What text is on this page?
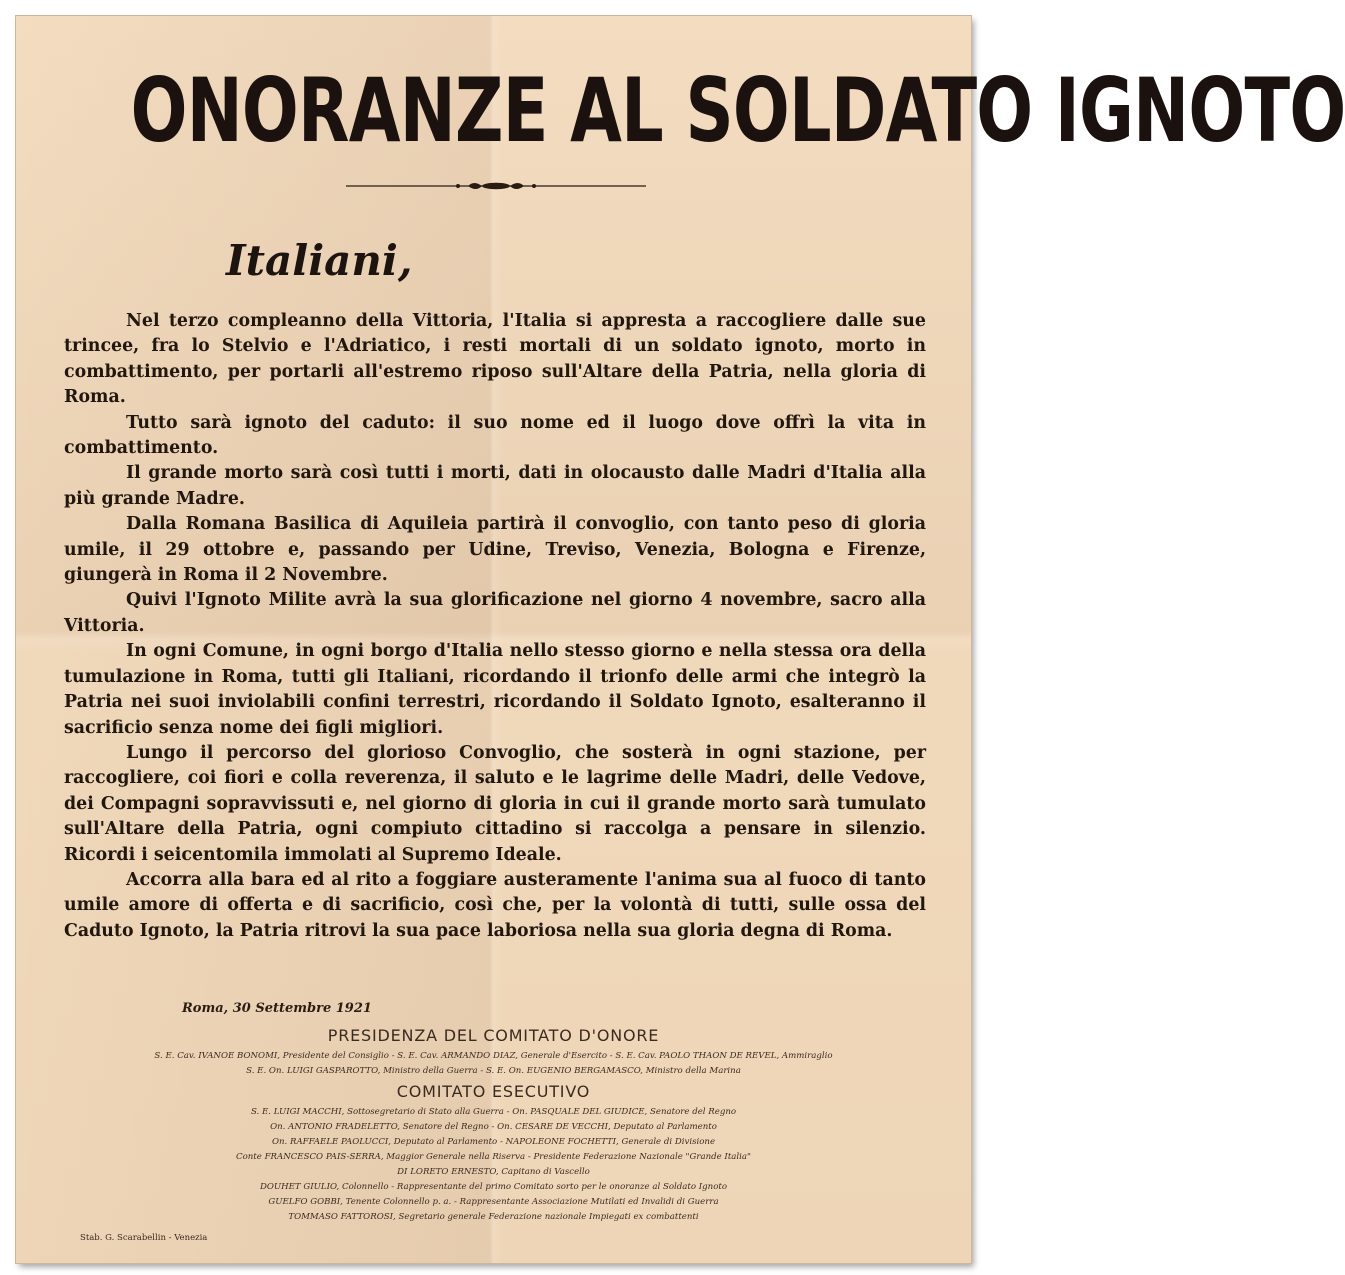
ONORANZE AL SOLDATO IGNOTO
Italiani,

Nel terzo compleanno della Vittoria, l'Italia si appresta a raccogliere dalle sue trincee, fra lo Stelvio e l'Adriatico, i resti mortali di un soldato ignoto, morto in combattimento, per portarli all'estremo riposo sull'Altare della Patria, nella gloria di Roma.

Tutto sarà ignoto del caduto: il suo nome ed il luogo dove offrì la vita in combattimento.

Il grande morto sarà così tutti i morti, dati in olocausto dalle Madri d'Italia alla più grande Madre.

Dalla Romana Basilica di Aquileia partirà il convoglio, con tanto peso di gloria umile, il 29 ottobre e, passando per Udine, Treviso, Venezia, Bologna e Firenze, giungerà in Roma il 2 Novembre.

Quivi l'Ignoto Milite avrà la sua glorificazione nel giorno 4 novembre, sacro alla Vittoria.

In ogni Comune, in ogni borgo d'Italia nello stesso giorno e nella stessa ora della tumulazione in Roma, tutti gli Italiani, ricordando il trionfo delle armi che integrò la Patria nei suoi inviolabili confini terrestri, ricordando il Soldato Ignoto, esalteranno il sacrificio senza nome dei figli migliori.

Lungo il percorso del glorioso Convoglio, che sosterà in ogni stazione, per raccogliere, coi fiori e colla reverenza, il saluto e le lagrime delle Madri, delle Vedove, dei Compagni sopravvissuti e, nel giorno di gloria in cui il grande morto sarà tumulato sull'Altare della Patria, ogni compiuto cittadino si raccolga a pensare in silenzio. Ricordi i seicentomila immolati al Supremo Ideale.

Accorra alla bara ed al rito a foggiare austeramente l'anima sua al fuoco di tanto umile amore di offerta e di sacrificio, così che, per la volontà di tutti, sulle ossa del Caduto Ignoto, la Patria ritrovi la sua pace laboriosa nella sua gloria degna di Roma.

Roma, 30 Settembre 1921
PRESIDENZA DEL COMITATO D'ONORE
S. E. Cav. IVANOE BONOMI, Presidente del Consiglio - S. E. Cav. ARMANDO DIAZ, Generale d'Esercito - S. E. Cav. PAOLO THAON DE REVEL, Ammiraglio
S. E. On. LUIGI GASPAROTTO, Ministro della Guerra - S. E. On. EUGENIO BERGAMASCO, Ministro della Marina
COMITATO ESECUTIVO
S. E. LUIGI MACCHI, Sottosegretario di Stato alla Guerra - On. PASQUALE DEL GIUDICE, Senatore del Regno
On. ANTONIO FRADELETTO, Senatore del Regno - On. CESARE DE VECCHI, Deputato al Parlamento
On. RAFFAELE PAOLUCCI, Deputato al Parlamento - NAPOLEONE FOCHETTI, Generale di Divisione
Conte FRANCESCO PAIS-SERRA, Maggior Generale nella Riserva - Presidente Federazione Nazionale "Grande Italia"
DI LORETO ERNESTO, Capitano di Vascello
DOUHET GIULIO, Colonnello - Rappresentante del primo Comitato sorto per le onoranze al Soldato Ignoto
GUELFO GOBBI, Tenente Colonnello p. a. - Rappresentante Associazione Mutilati ed Invalidi di Guerra
TOMMASO FATTOROSI, Segretario generale Federazione nazionale Impiegati ex combattenti
Stab. G. Scarabellin - Venezia
